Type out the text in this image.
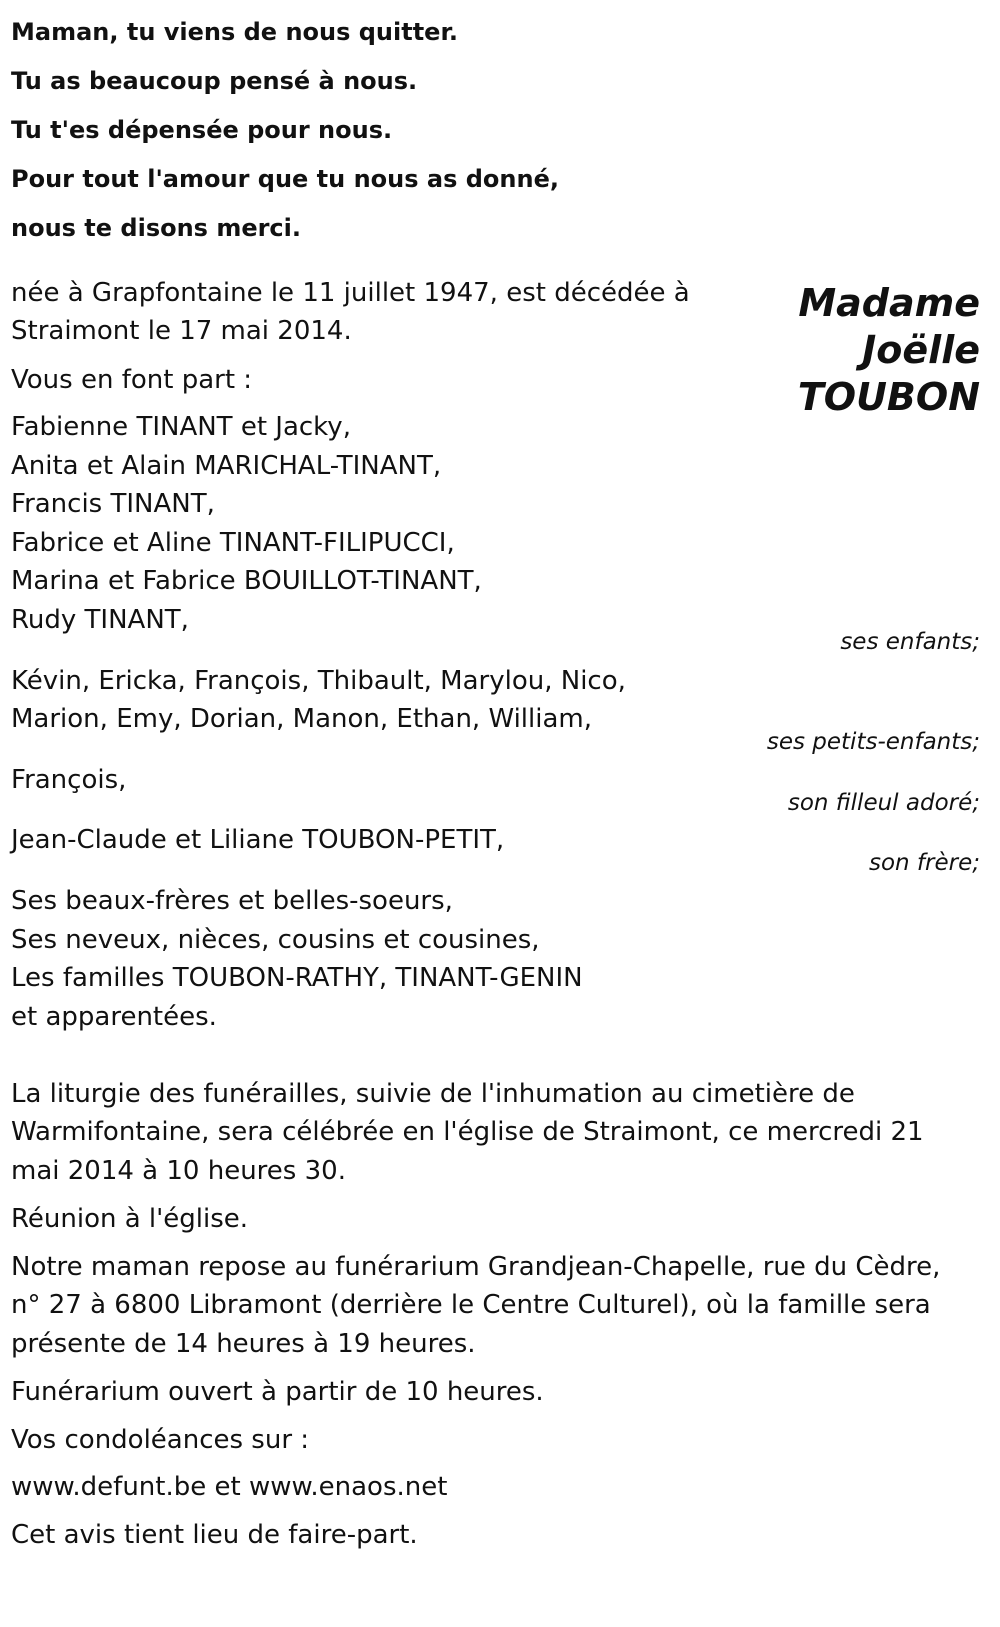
Maman, tu viens de nous quitter.
Tu as beaucoup pensé à nous.
Tu t'es dépensée pour nous.
Pour tout l'amour que tu nous as donné,
nous te disons merci.
Madame
Joëlle
TOUBON
née à Grapfontaine le 11 juillet 1947, est décédée à
Straimont le 17 mai 2014.
Vous en font part :
Fabienne TINANT et Jacky,
Anita et Alain MARICHAL-TINANT,
Francis TINANT,
Fabrice et Aline TINANT-FILIPUCCI,
Marina et Fabrice BOUILLOT-TINANT,
Rudy TINANT,
ses enfants;
Kévin, Ericka, François, Thibault, Marylou, Nico,
Marion, Emy, Dorian, Manon, Ethan, William,
ses petits-enfants;
François,
son filleul adoré;
Jean-Claude et Liliane TOUBON-PETIT,
son frère;
Ses beaux-frères et belles-soeurs,
Ses neveux, nièces, cousins et cousines,
Les familles TOUBON-RATHY, TINANT-GENIN
et apparentées.
La liturgie des funérailles, suivie de l'inhumation au cimetière de
Warmifontaine, sera célébrée en l'église de Straimont, ce mercredi 21
mai 2014 à 10 heures 30.
Réunion à l'église.
Notre maman repose au funérarium Grandjean-Chapelle, rue du Cèdre,
n° 27 à 6800 Libramont (derrière le Centre Culturel), où la famille sera
présente de 14 heures à 19 heures.
Funérarium ouvert à partir de 10 heures.
Vos condoléances sur :
www.defunt.be et www.enaos.net
Cet avis tient lieu de faire-part.
